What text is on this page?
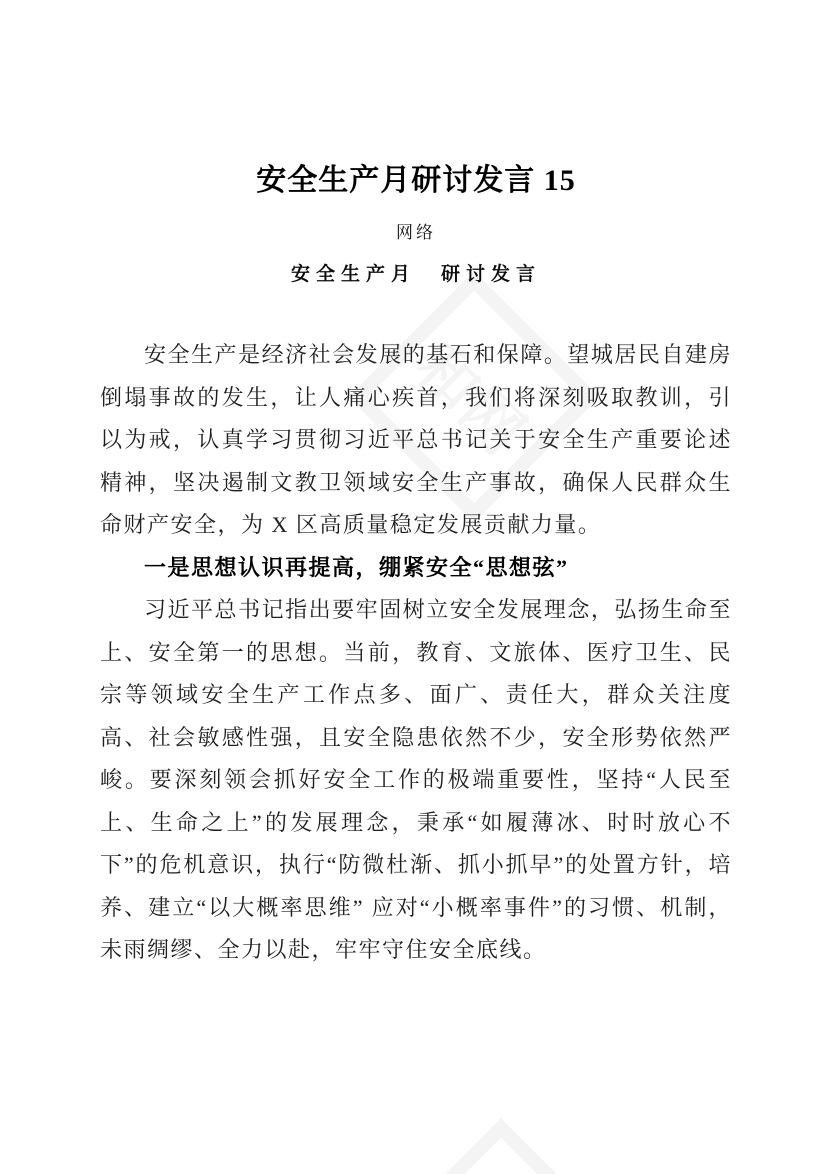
安全生产月研讨发言 15
网络
安全生产月　研讨发言

安全生产是经济社会发展的基石和保障。望城居民自建房倒塌事故的发生，让人痛心疾首，我们将深刻吸取教训，引以为戒，认真学习贯彻习近平总书记关于安全生产重要论述精神，坚决遏制文教卫领域安全生产事故，确保人民群众生命财产安全，为 X 区高质量稳定发展贡献力量。

一是思想认识再提高，绷紧安全“思想弦”

习近平总书记指出要牢固树立安全发展理念，弘扬生命至上、安全第一的思想。当前，教育、文旅体、医疗卫生、民宗等领域安全生产工作点多、面广、责任大，群众关注度高、社会敏感性强，且安全隐患依然不少，安全形势依然严峻。要深刻领会抓好安全工作的极端重要性，坚持“人民至上、生命之上”的发展理念，秉承“如履薄冰、时时放心不下”的危机意识，执行“防微杜渐、抓小抓早”的处置方针，培养、建立“以大概率思维” 应对“小概率事件”的习惯、机制，未雨绸缪、全力以赴，牢牢守住安全底线。
